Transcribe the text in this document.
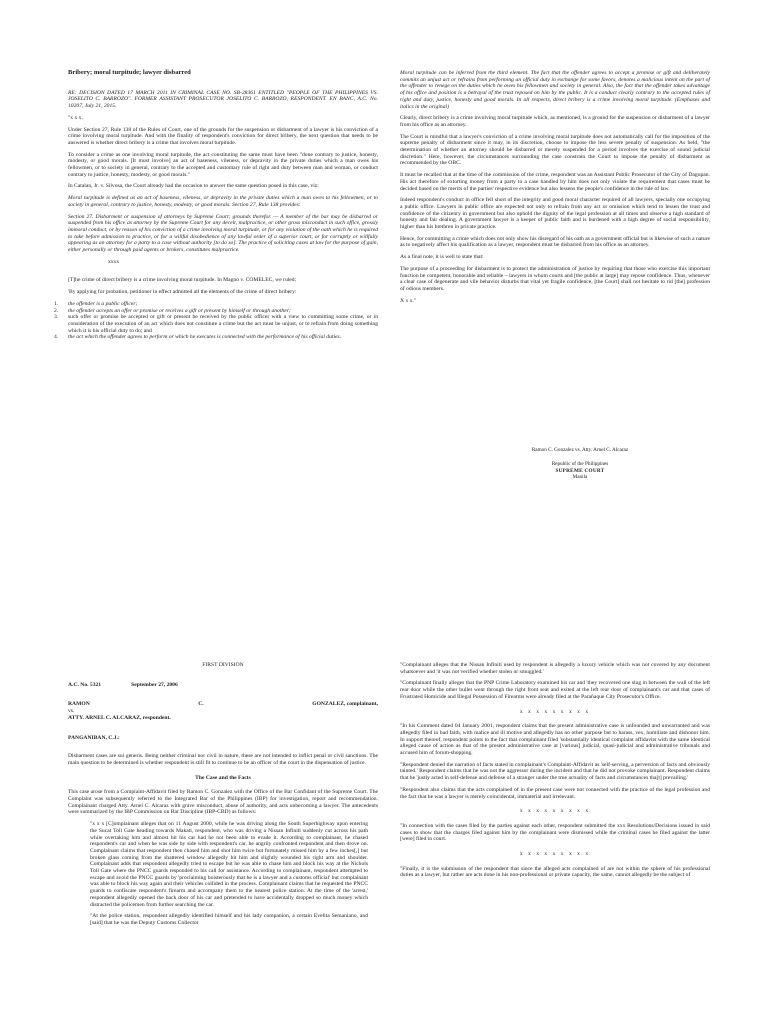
Bribery; moral turpitude; lawyer disbarred

RE: DECISION DATED 17 MARCH 2011 IN CRIMINAL CASE NO. SB-28361 ENTITLED "PEOPLE OF THE PHILIPPINES VS. JOSELITO C. BARROZO". FORMER ASSISTANT PROSECUTOR JOSELITO C. BARROZO, RESPONDENT. EN BANC, A.C. No. 10207, July 21, 2015.

"x x x.

Under Section 27, Rule 138 of the Rules of Court, one of the grounds for the suspension or disbarment of a lawyer is his conviction of a crime involving moral turpitude. And with the finality of respondent's conviction for direct bribery, the next question that needs to be answered is whether direct bribery is a crime that involves moral turpitude.

To consider a crime as one involving moral turpitude, the act constituting the same must have been "done contrary to justice, honesty, modesty, or good morals. [It must involve] an act of baseness, vileness, or depravity in the private duties which a man owes his fellowmen, or to society in general, contrary to the accepted and customary rule of right and duty between man and woman, or conduct contrary to justice, honesty, modesty, or good morals."

In Catalan, Jr. v. Silvosa, the Court already had the occasion to answer the same question posed in this case, viz:

Moral turpitude is defined as an act of baseness, vileness, or depravity in the private duties which a man owes to his fellowmen, or to society in general, contrary to justice, honesty, modesty, or good morals. Section 27, Rule 138 provides:

Section 27. Disbarment or suspension of attorneys by Supreme Court; grounds therefor. — A member of the bar may be disbarred or suspended from his office as attorney by the Supreme Court for any deceit, malpractice, or other gross misconduct in such office, grossly immoral conduct, or by reason of his conviction of a crime involving moral turpitude, or for any violation of the oath which he is required to take before admission to practice, or for a willful disobedience of any lawful order of a superior court, or for corruptly or willfully appearing as an attorney for a party to a case without authority [to do so]. The practice of soliciting cases at law for the purpose of gain, either personally or through paid agents or brokers, constitutes malpractice.

xxxx

[T]he crime of direct bribery is a crime involving moral turpitude. In Magno v. COMELEC, we ruled:

'By applying for probation, petitioner in effect admitted all the elements of the crime of direct bribery:

1. the offender is a public officer;
2. the offender accepts an offer or promise or receives a gift or present by himself or through another;
3. such offer or promise be accepted or gift or present be received by the public officer with a view to committing some crime, or in consideration of the execution of an act which does not constitute a crime but the act must be unjust, or to refrain from doing something which it is his official duty to do; and
4. the act which the offender agrees to perform or which he executes is connected with the performance of his official duties.

Moral turpitude can be inferred from the third element. The fact that the offender agrees to accept a promise or gift and deliberately commits an unjust act or refrains from performing an official duty in exchange for some favors, denotes a malicious intent on the part of the offender to renege on the duties which he owes his fellowmen and society in general. Also, the fact that the offender takes advantage of his office and position is a betrayal of the trust reposed on him by the public. It is a conduct clearly contrary to the accepted rules of right and duty, justice, honesty and good morals. In all respects, direct bribery is a crime involving moral turpitude. (Emphases and italics in the original)

Clearly, direct bribery is a crime involving moral turpitude which, as mentioned, is a ground for the suspension or disbarment of a lawyer from his office as an attorney.

The Court is mindful that a lawyer's conviction of a crime involving moral turpitude does not automatically call for the imposition of the supreme penalty of disbarment since it may, in its discretion, choose to impose the less severe penalty of suspension. As held, "the determination of whether an attorney should be disbarred or merely suspended for a period involves the exercise of sound judicial discretion." Here, however, the circumstances surrounding the case constrain the Court to impose the penalty of disbarment as recommended by the OBC.

It must be recalled that at the time of the commission of the crime, respondent was an Assistant Public Prosecutor of the City of Dagupan. His act therefore of extorting money from a party to a case handled by him does not only violate the requirement that cases must be decided based on the merits of the parties' respective evidence but also lessens the people's confidence in the rule of law.

Indeed respondent's conduct in office fell short of the integrity and good moral character required of all lawyers, specially one occupying a public office. Lawyers in public office are expected not only to refrain from any act or omission which tend to lessen the trust and confidence of the citizenry in government but also uphold the dignity of the legal profession at all times and observe a high standard of honesty and fair dealing. A government lawyer is a keeper of public faith and is burdened with a high degree of social responsibility, higher than his brethren in private practice.

Hence, for committing a crime which does not only show his disregard of his oath as a government official but is likewise of such a nature as to negatively affect his qualification as a lawyer, respondent must be disbarred from his office as an attorney.

As a final note, it is well to state that:

The purpose of a proceeding for disbarment is to protect the administration of justice by requiring that those who exercise this important function be competent, honorable and reliable – lawyers in whom courts and [the public at large] may repose confidence. Thus, whenever a clear case of degenerate and vile behavior disturbs that vital yet fragile confidence, [the Court] shall not hesitate to rid [the] profession of odious members.

X x x."

Ramon C. Gonzalez vs. Atty. Arnel C. Alcaraz
Republic of the Philippines
SUPREME COURT
Manila

FIRST DIVISION

A.C. No. 5321	September 27, 2006
RAMON	C.	GONZALEZ, complainant,
vs.
ATTY. ARNEL C. ALCARAZ, respondent.

PANGANIBAN, C.J.:

Disbarment cases are sui generis. Being neither criminal nor civil in nature, these are not intended to inflict penal or civil sanctions. The main question to be determined is whether respondent is still fit to continue to be an officer of the court in the dispensation of justice.

The Case and the Facts

This case arose from a Complaint-Affidavit filed by Ramon C. Gonzalez with the Office of the Bar Confidant of the Supreme Court. The Complaint was subsequently referred to the Integrated Bar of the Philippines (IBP) for investigation, report and recommendation. Complainant charged Atty. Arnel C. Alcaraz with grave misconduct, abuse of authority, and acts unbecoming a lawyer. The antecedents were summarized by the IBP Commission on Bar Discipline (IBP-CBD) as follows:

"x x x [C]omplainant alleges that on 11 August 2000, while he was driving along the South Superhighway upon entering the Sucat Toll Gate heading towards Makati, respondent, who was driving a Nissan Infiniti suddenly cut across his path while overtaking him and almost hit his car had he not been able to evade it. According to complainant, he chased respondent's car and when he was side by side with respondent's car, he angrily confronted respondent and then drove on. Complainant claims that respondent then chased him and shot him twice but fortunately missed him by a few inches[,] but broken glass coming from the shattered window allegedly hit him and slightly wounded his right arm and shoulder. Complainant adds that respondent allegedly tried to escape but he was able to chase him and block his way at the Nichols Toll Gate where the PNCC guards responded to his call for assistance. According to complainant, respondent attempted to escape and avoid the PNCC guards by 'proclaiming boisterously that he is a lawyer and a customs official' but complainant was able to block his way again and their vehicles collided in the process. Complainant claims that he requested the PNCC guards to confiscate respondent's firearm and accompany them to the nearest police station. At the time of the 'arrest,' respondent allegedly opened the back door of his car and pretended to have accidentally dropped so much money which distracted the policemen from further searching the car.

"At the police station, respondent allegedly identified himself and his lady companion, a certain Evelita Semaniano, and [said] that he was the Deputy Customs Collector

"Complainant alleges that the Nissan Infiniti used by respondent is allegedly a luxury vehicle which was not covered by any document whatsoever and 'it was not verified whether stolen or smuggled.'

"Complainant finally alleges that the PNP Crime Laboratory examined his car and 'they recovered one slug in between the wall of the left rear door while the other bullet went through the right front seat and exited at the left rear door of complainant's car and that cases of Frustrated Homicide and Illegal Possession of Firearms were already filed at the Parañaque City Prosecutor's Office.

x x x x x x x x x

"In his Comment dated 04 January 2001, respondent claims that the present administrative case is unfounded and unwarranted and was allegedly filed in bad faith, with malice and ill motive and allegedly has no other purpose but to harass, vex, humiliate and dishonor him. In support thereof, respondent points to the fact that complainant filed 'substantially identical complaint affidavits with the same identical alleged cause of action as that of the present administrative case at [various] judicial, quasi-judicial and administrative tribunals and accused him of forum-shopping.

"Respondent denied the narration of facts stated in complainant's Complaint-Affidavit as 'self-serving, a perversion of facts and obviously tainted.' Respondent claims that he was not the aggressor during the incident and that he did not provoke complainant. Respondent claims that he 'justly acted in self-defense and defense of a stranger under the true actuality of facts and circumstances tha[t] prevailing.'

"Respondent also claims that the acts complained of in the present case were not connected with the practice of the legal profession and the fact that he was a lawyer is merely coincidental, immaterial and irrelevant.

x x x x x x x x x

"In connection with the cases filed by the parties against each other, respondent submitted the xxx Resolutions/Decisions issued in said cases to show that the charges filed against him by the complainant were dismissed while the criminal cases he filed against the latter [were] filed in court.

x x x x x x x x x

"Finally, it is the submission of the respondent that since the alleged acts complained of are not within the sphere of his professional duties as a lawyer, but rather are acts done in his non-professional or private capacity, the same, cannot allegedly be the subject of
